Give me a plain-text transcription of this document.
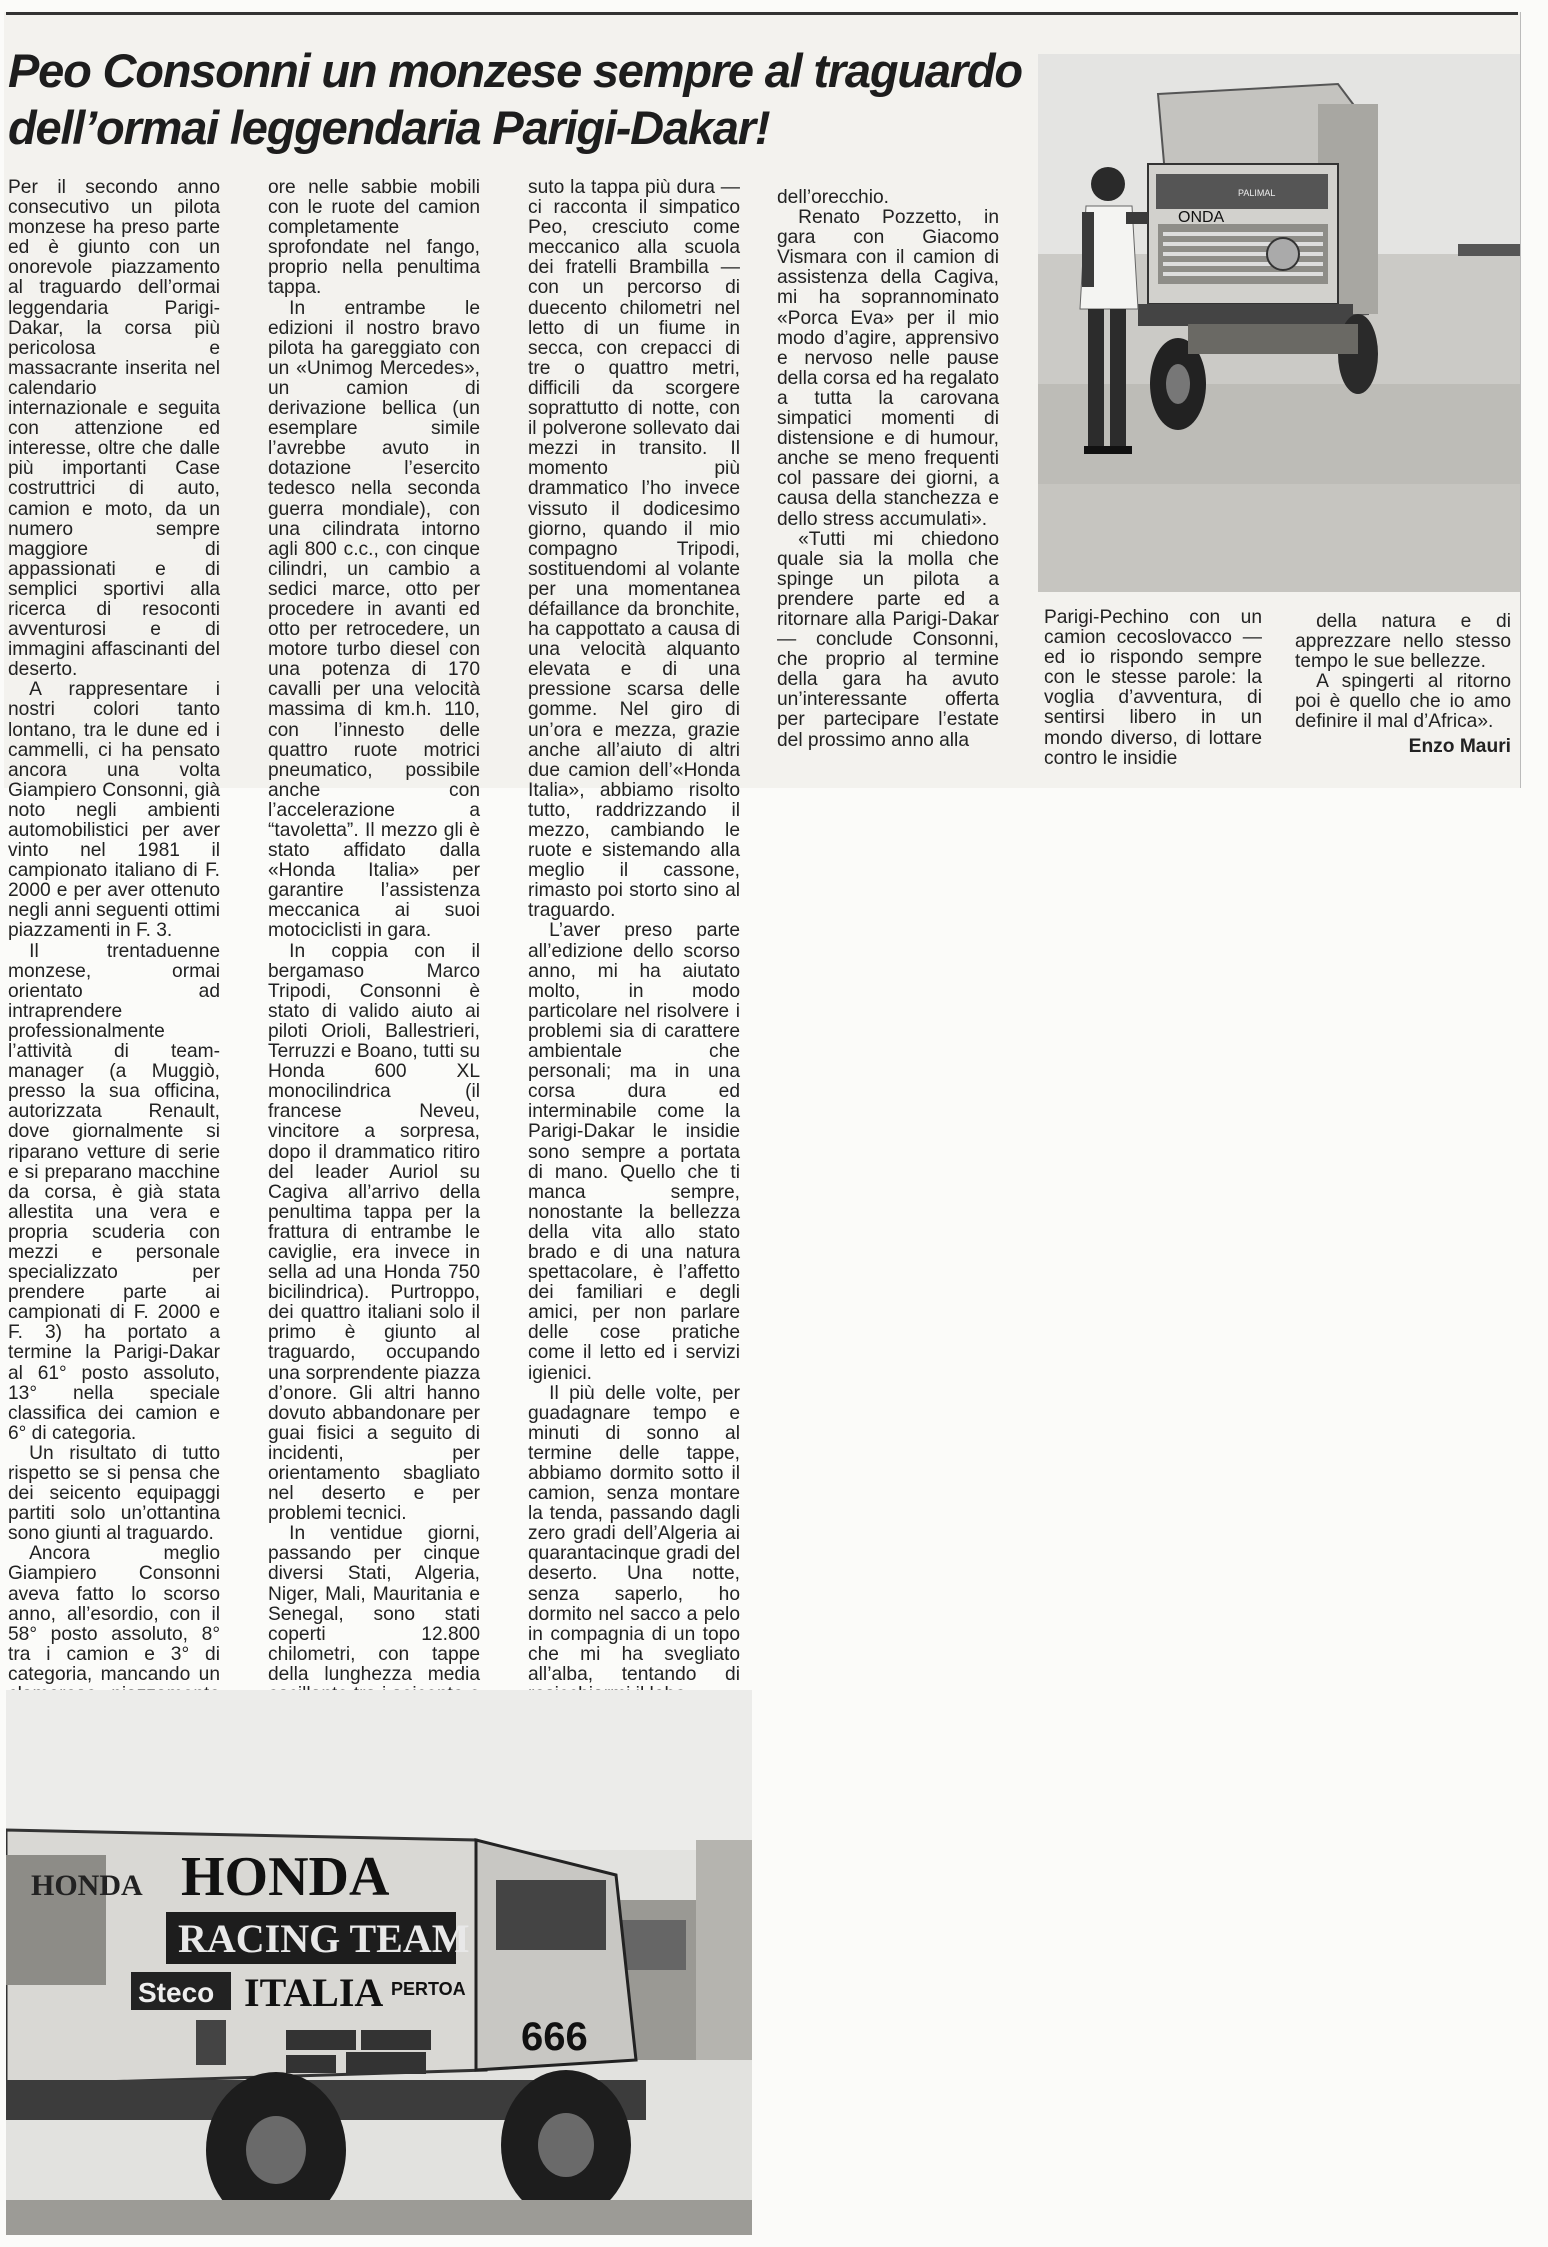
Peo Consonni un monzese sempre al traguardo dell’ormai leggendaria Parigi-Dakar!

Per il secondo anno consecutivo un pilota monzese ha preso parte ed è giunto con un onorevole piazzamento al traguardo dell’ormai leggendaria Parigi-Dakar, la corsa più pericolosa e massacrante inserita nel calendario internazionale e seguita con attenzione ed interesse, oltre che dalle più importanti Case costruttrici di auto, camion e moto, da un numero sempre maggiore di appassionati e di semplici sportivi alla ricerca di resoconti avventurosi e di immagini affascinanti del deserto.

A rappresentare i nostri colori tanto lontano, tra le dune ed i cammelli, ci ha pensato ancora una volta Giampiero Consonni, già noto negli ambienti automobilistici per aver vinto nel 1981 il campionato italiano di F. 2000 e per aver ottenuto negli anni seguenti ottimi piazzamenti in F. 3.

Il trentaduenne monzese, ormai orientato ad intraprendere professionalmente l’attività di team-manager (a Muggiò, presso la sua officina, autorizzata Renault, dove giornalmente si riparano vetture di serie e si preparano macchine da corsa, è già stata allestita una vera e propria scuderia con mezzi e personale specializzato per prendere parte ai campionati di F. 2000 e F. 3) ha portato a termine la Parigi-Dakar al 61° posto assoluto, 13° nella speciale classifica dei camion e 6° di categoria.

Un risultato di tutto rispetto se si pensa che dei seicento equipaggi partiti solo un’ottantina sono giunti al traguardo.

Ancora meglio Giampiero Consonni aveva fatto lo scorso anno, all’esordio, con il 58° posto assoluto, 8° tra i camion e 3° di categoria, mancando un

ore nelle sabbie mobili con le ruote del camion completamente sprofondate nel fango, proprio nella penultima tappa.

In entrambe le edizioni il nostro bravo pilota ha gareggiato con un «Unimog Mercedes», un camion di derivazione bellica (un esemplare simile l’avrebbe avuto in dotazione l’esercito tedesco nella seconda guerra mondiale), con una cilindrata intorno agli 800 c.c., con cinque cilindri, un cambio a sedici marce, otto per procedere in avanti ed otto per retrocedere, un motore turbo diesel con una potenza di 170 cavalli per una velocità massima di km.h. 110, con l’innesto delle quattro ruote motrici pneumatico, possibile anche con l’accelerazione a “tavoletta”. Il mezzo gli è stato affidato dalla «Honda Italia» per garantire l’assistenza meccanica ai suoi motociclisti in gara.

In coppia con il bergamaso Marco Tripodi, Consonni è stato di valido aiuto ai piloti Orioli, Ballestrieri, Terruzzi e Boano, tutti su Honda 600 XL monocilindrica (il francese Neveu, vincitore a sorpresa, dopo il drammatico ritiro del leader Auriol su Cagiva all’arrivo della penultima tappa per la frattura di entrambe le caviglie, era invece in sella ad una Honda 750 bicilindrica). Purtroppo, dei quattro italiani solo il primo è giunto al traguardo, occupando una sorprendente piazza d’onore. Gli altri hanno dovuto abbandonare per guai fisici a seguito di incidenti, per orientamento sbagliato nel deserto e per problemi tecnici.

In ventidue giorni, passando per cinque diversi Stati, Algeria, Niger, Mali, Mauritania e Senegal, sono stati coperti 12.800 chilometri, con tappe della lunghezza media

suto la tappa più dura — ci racconta il simpatico Peo, cresciuto come meccanico alla scuola dei fratelli Brambilla — con un percorso di duecento chilometri nel letto di un fiume in secca, con crepacci di tre o quattro metri, difficili da scorgere soprattutto di notte, con il polverone sollevato dai mezzi in transito. Il momento più drammatico l’ho invece vissuto il dodicesimo giorno, quando il mio compagno Tripodi, sostituendomi al volante per una momentanea défaillance da bronchite, ha cappottato a causa di una velocità alquanto elevata e di una pressione scarsa delle gomme. Nel giro di un’ora e mezza, grazie anche all’aiuto di altri due camion dell’«Honda Italia», abbiamo risolto tutto, raddrizzando il mezzo, cambiando le ruote e sistemando alla meglio il cassone, rimasto poi storto sino al traguardo.

L’aver preso parte all’edizione dello scorso anno, mi ha aiutato molto, in modo particolare nel risolvere i problemi sia di carattere ambientale che personali; ma in una corsa dura ed interminabile come la Parigi-Dakar le insidie sono sempre a portata di mano. Quello che ti manca sempre, nonostante la bellezza della vita allo stato brado e di una natura spettacolare, è l’affetto dei familiari e degli amici, per non parlare delle cose pratiche come il letto ed i servizi igienici.

Il più delle volte, per guadagnare tempo e minuti di sonno al termine delle tappe, abbiamo dormito sotto il camion, senza montare la tenda, passando dagli zero gradi dell’Algeria ai quarantacinque gradi del deserto. Una notte, senza saperlo, ho dormito nel sacco a pelo in compagnia di un topo che mi ha svegliato all’alba, tentando di

dell’orecchio.

Renato Pozzetto, in gara con Giacomo Vismara con il camion di assistenza della Cagiva, mi ha soprannominato «Porca Eva» per il mio modo d’agire, apprensivo e nervoso nelle pause della corsa ed ha regalato a tutta la carovana simpatici momenti di distensione e di humour, anche se meno frequenti col passare dei giorni, a causa della stanchezza e dello stress accumulati».

«Tutti mi chiedono quale sia la molla che spinge un pilota a prendere parte ed a ritornare alla Parigi-Dakar — conclude Consonni, che proprio al termine della gara ha avuto un’interessante offerta per partecipare l’estate del prossimo anno alla

Parigi-Pechino con un camion cecoslovacco — ed io rispondo sempre con le stesse parole: la voglia d’avventura, di sentirsi libero in un mondo diverso, di lottare contro le insidie

della natura e di apprezzare nello stesso tempo le sue bellezze.

A spingerti al ritorno poi è quello che io amo definire il mal d’Africa».

Enzo Mauri
ONDA
PALIMAL
HONDA
RACING TEAM
Steco ITALIA PERTOA
HONDA
666
